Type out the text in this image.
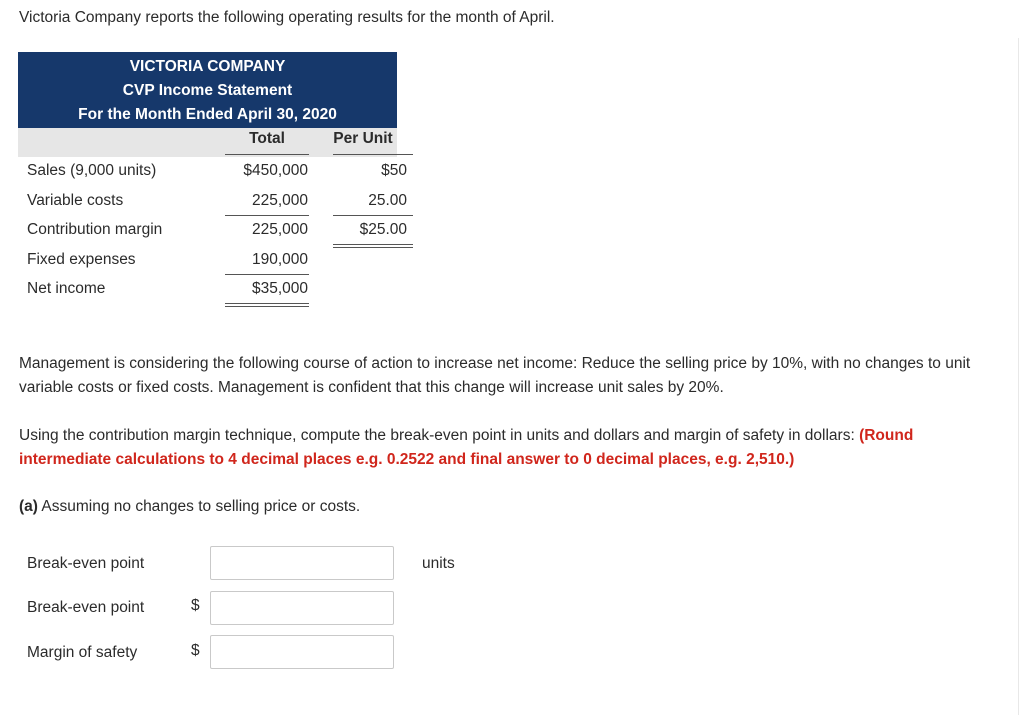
Victoria Company reports the following operating results for the month of April.
VICTORIA COMPANY
CVP Income Statement
For the Month Ended April 30, 2020
Total	Per Unit
Sales (9,000 units)	$450,000	$50
Variable costs	225,000	25.00
Contribution margin	225,000	$25.00
Fixed expenses	190,000
Net income	$35,000
Management is considering the following course of action to increase net income: Reduce the selling price by 10%, with no changes to unit variable costs or fixed costs. Management is confident that this change will increase unit sales by 20%.
Using the contribution margin technique, compute the break-even point in units and dollars and margin of safety in dollars: (Round intermediate calculations to 4 decimal places e.g. 0.2522 and final answer to 0 decimal places, e.g. 2,510.)
(a) Assuming no changes to selling price or costs.
Break-even point	units
Break-even point	$
Margin of safety	$
